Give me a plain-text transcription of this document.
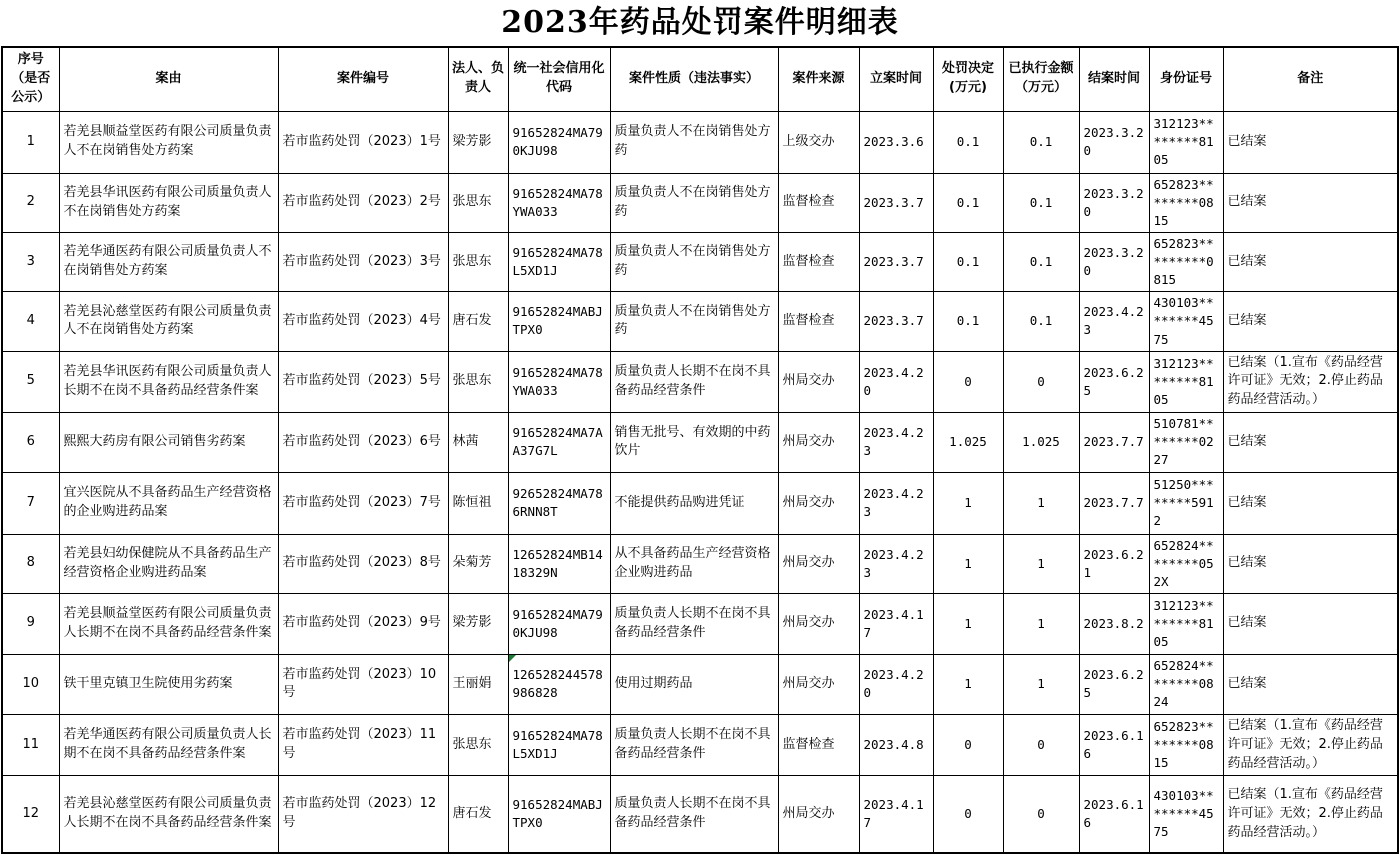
2023年药品处罚案件明细表
序号（是否公示）	案由	案件编号	法人、负责人	统一社会信用化代码	案件性质（违法事实）	案件来源	立案时间	处罚决定(万元)	已执行金额（万元）	结案时间	身份证号	备注
1	若羌县顺益堂医药有限公司质量负责人不在岗销售处方药案	若市监药处罚（2023）1号	梁芳影	91652824MA790KJU98	质量负责人不在岗销售处方药	上级交办	2023.3.6	0.1	0.1	2023.3.20	312123********8105	已结案
2	若羌县华讯医药有限公司质量负责人不在岗销售处方药案	若市监药处罚（2023）2号	张思东	91652824MA78YWA033	质量负责人不在岗销售处方药	监督检查	2023.3.7	0.1	0.1	2023.3.20	652823********0815	已结案
3	若羌华通医药有限公司质量负责人不在岗销售处方药案	若市监药处罚（2023）3号	张思东	91652824MA78L5XD1J	质量负责人不在岗销售处方药	监督检查	2023.3.7	0.1	0.1	2023.3.20	652823*********0815	已结案
4	若羌县沁慈堂医药有限公司质量负责人不在岗销售处方药案	若市监药处罚（2023）4号	唐石发	91652824MABJTPX0	质量负责人不在岗销售处方药	监督检查	2023.3.7	0.1	0.1	2023.4.23	430103********4575	已结案
5	若羌县华讯医药有限公司质量负责人长期不在岗不具备药品经营条件案	若市监药处罚（2023）5号	张思东	91652824MA78YWA033	质量负责人长期不在岗不具备药品经营条件	州局交办	2023.4.20	0	0	2023.6.25	312123********8105	已结案（1.宣布《药品经营许可证》无效；2.停止药品药品经营活动。）
6	熙熙大药房有限公司销售劣药案	若市监药处罚（2023）6号	林茜	91652824MA7AA37G7L	销售无批号、有效期的中药饮片	州局交办	2023.4.23	1.025	1.025	2023.7.7	510781********0227	已结案
7	宜兴医院从不具备药品生产经营资格的企业购进药品案	若市监药处罚（2023）7号	陈恒祖	92652824MA786RNN8T	不能提供药品购进凭证	州局交办	2023.4.23	1	1	2023.7.7	51250********5912	已结案
8	若羌县妇幼保健院从不具备药品生产经营资格企业购进药品案	若市监药处罚（2023）8号	朵菊芳	12652824MB1418329N	从不具备药品生产经营资格企业购进药品	州局交办	2023.4.23	1	1	2023.6.21	652824********052X	已结案
9	若羌县顺益堂医药有限公司质量负责人长期不在岗不具备药品经营条件案	若市监药处罚（2023）9号	梁芳影	91652824MA790KJU98	质量负责人长期不在岗不具备药品经营条件	州局交办	2023.4.17	1	1	2023.8.2	312123********8105	已结案
10	铁干里克镇卫生院使用劣药案	若市监药处罚（2023）10号	王丽娟	126528244578986828	使用过期药品	州局交办	2023.4.20	1	1	2023.6.25	652824********0824	已结案
11	若羌华通医药有限公司质量负责人长期不在岗不具备药品经营条件案	若市监药处罚（2023）11号	张思东	91652824MA78L5XD1J	质量负责人长期不在岗不具备药品经营条件	监督检查	2023.4.8	0	0	2023.6.16	652823********0815	已结案（1.宣布《药品经营许可证》无效；2.停止药品药品经营活动。）
12	若羌县沁慈堂医药有限公司质量负责人长期不在岗不具备药品经营条件案	若市监药处罚（2023）12号	唐石发	91652824MABJTPX0	质量负责人长期不在岗不具备药品经营条件	州局交办	2023.4.17	0	0	2023.6.16	430103********4575	已结案（1.宣布《药品经营许可证》无效；2.停止药品药品经营活动。）
